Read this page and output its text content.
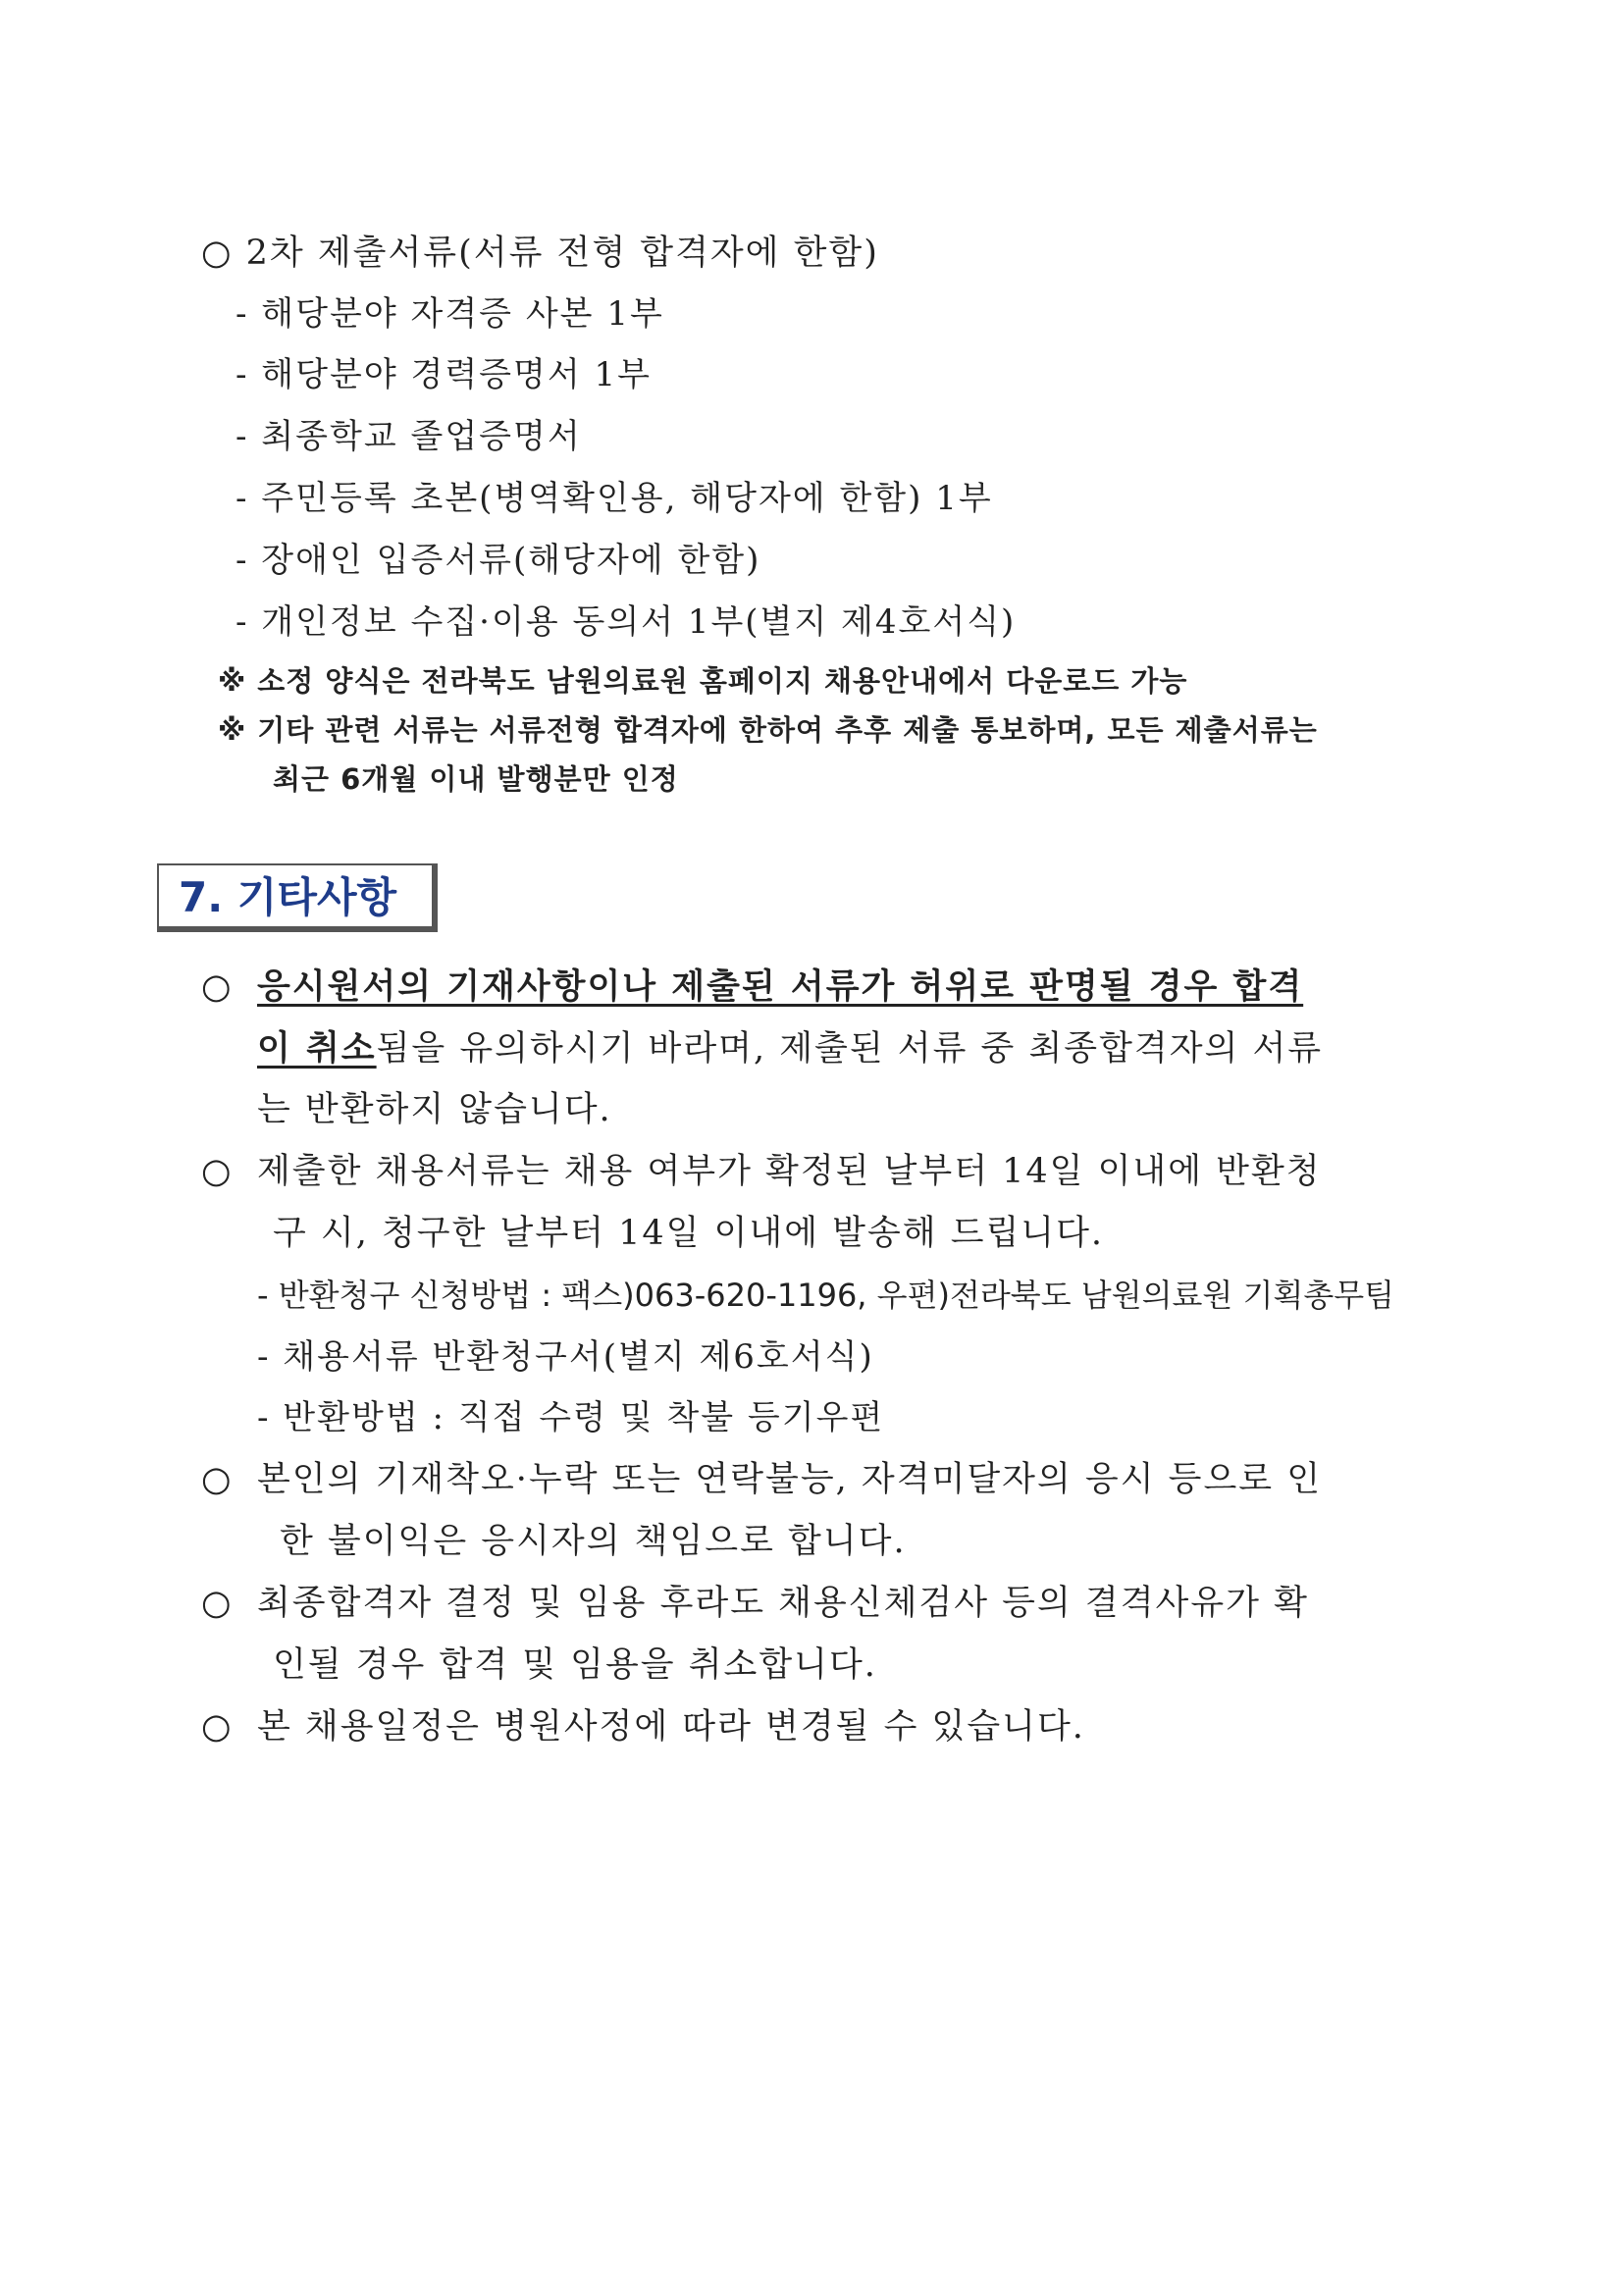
○ 2차 제출서류(서류 전형 합격자에 한함)
- 해당분야 자격증 사본 1부
- 해당분야 경력증명서 1부
- 최종학교 졸업증명서
- 주민등록 초본(병역확인용, 해당자에 한함) 1부
- 장애인 입증서류(해당자에 한함)
- 개인정보 수집·이용 동의서 1부(별지 제4호서식)
※ 소정 양식은 전라북도 남원의료원 홈페이지 채용안내에서 다운로드 가능
※ 기타 관련 서류는 서류전형 합격자에 한하여 추후 제출 통보하며, 모든 제출서류는
최근 6개월 이내 발행분만 인정
7. 기타사항
○ 응시원서의 기재사항이나 제출된 서류가 허위로 판명될 경우 합격
이 취소됨을 유의하시기 바라며, 제출된 서류 중 최종합격자의 서류
는 반환하지 않습니다.
○ 제출한 채용서류는 채용 여부가 확정된 날부터 14일 이내에 반환청
구 시, 청구한 날부터 14일 이내에 발송해 드립니다.
- 반환청구 신청방법 : 팩스)063-620-1196, 우편)전라북도 남원의료원 기획총무팀
- 채용서류 반환청구서(별지 제6호서식)
- 반환방법 : 직접 수령 및 착불 등기우편
○ 본인의 기재착오·누락 또는 연락불능, 자격미달자의 응시 등으로 인
한 불이익은 응시자의 책임으로 합니다.
○ 최종합격자 결정 및 임용 후라도 채용신체검사 등의 결격사유가 확
인될 경우 합격 및 임용을 취소합니다.
○ 본 채용일정은 병원사정에 따라 변경될 수 있습니다.
